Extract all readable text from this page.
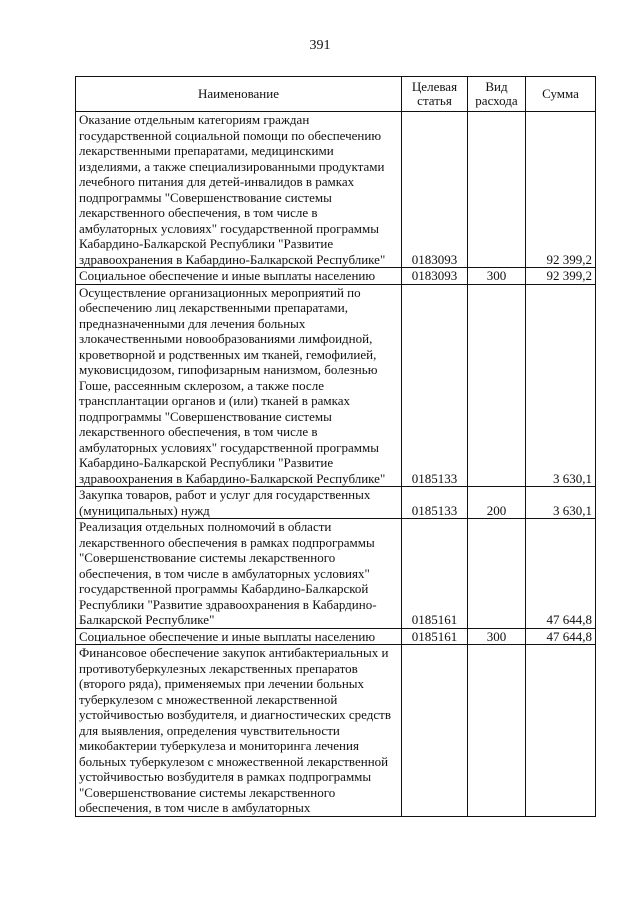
391
Наименование	Целевая статья	Вид расхода	Сумма
Оказание отдельным категориям граждан государственной социальной помощи по обеспечению лекарственными препаратами, медицинскими изделиями, а также специализированными продуктами лечебного питания для детей-инвалидов в рамках подпрограммы "Совершенствование системы лекарственного обеспечения, в том числе в амбулаторных условиях" государственной программы Кабардино-Балкарской Республики "Развитие здравоохранения в Кабардино-Балкарской Республике"	0183093		92 399,2
Социальное обеспечение и иные выплаты населению	0183093	300	92 399,2
Осуществление организационных мероприятий по обеспечению лиц лекарственными препаратами, предназначенными для лечения больных злокачественными новообразованиями лимфоидной, кроветворной и родственных им тканей, гемофилией, муковисцидозом, гипофизарным нанизмом, болезнью Гоше, рассеянным склерозом, а также после трансплантации органов и (или) тканей в рамках подпрограммы "Совершенствование системы лекарственного обеспечения, в том числе в амбулаторных условиях" государственной программы Кабардино-Балкарской Республики "Развитие здравоохранения в Кабардино-Балкарской Республике"	0185133		3 630,1
Закупка товаров, работ и услуг для государственных (муниципальных) нужд	0185133	200	3 630,1
Реализация отдельных полномочий в области лекарственного обеспечения в рамках подпрограммы "Совершенствование системы лекарственного обеспечения, в том числе в амбулаторных условиях" государственной программы Кабардино-Балкарской Республики "Развитие здравоохранения в Кабардино-Балкарской Республике"	0185161		47 644,8
Социальное обеспечение и иные выплаты населению	0185161	300	47 644,8
Финансовое обеспечение закупок антибактериальных и противотуберкулезных лекарственных препаратов (второго ряда), применяемых при лечении больных туберкулезом с множественной лекарственной устойчивостью возбудителя, и диагностических средств для выявления, определения чувствительности микобактерии туберкулеза и мониторинга лечения больных туберкулезом с множественной лекарственной устойчивостью возбудителя в рамках подпрограммы "Совершенствование системы лекарственного обеспечения, в том числе в амбулаторных			
